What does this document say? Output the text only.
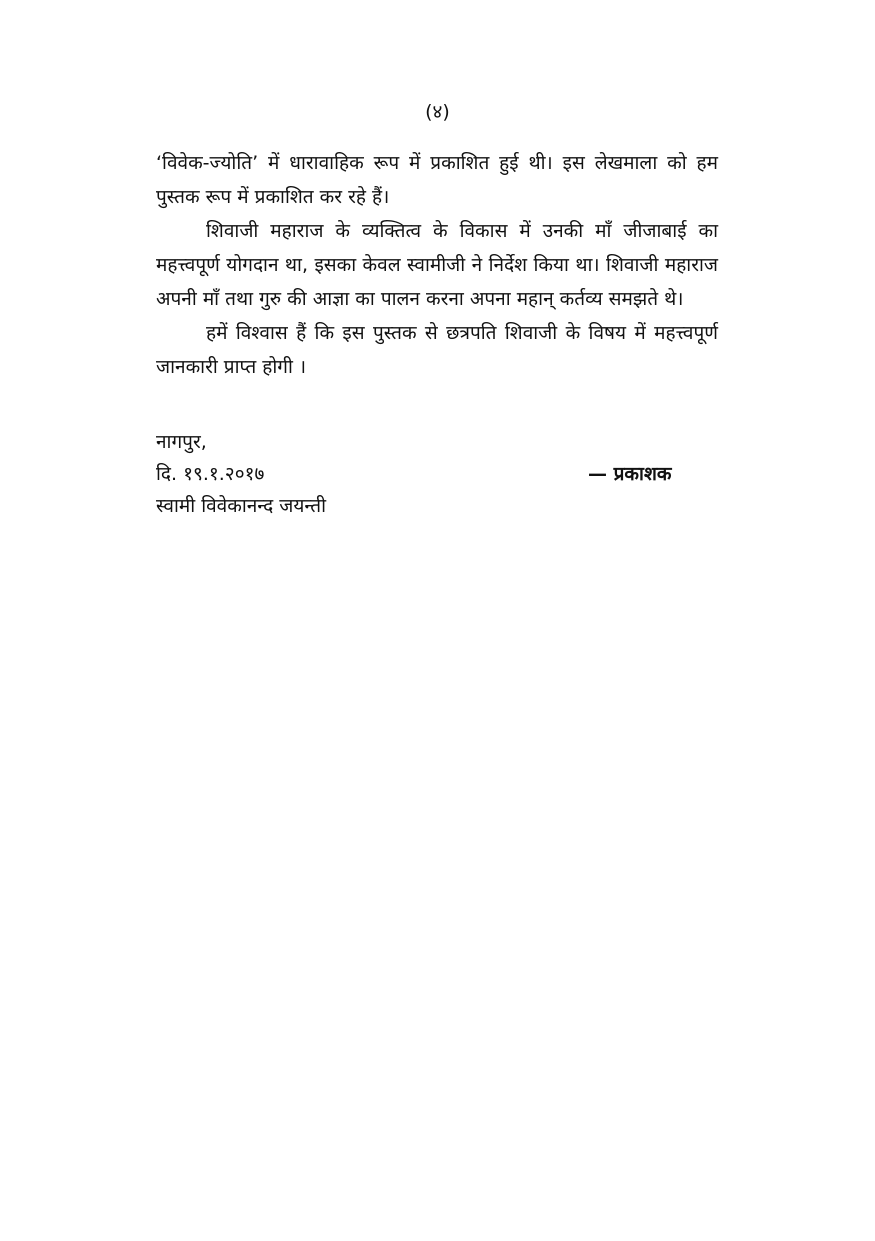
(४)

‘विवेक-ज्योति’ में धारावाहिक रूप में प्रकाशित हुई थी। इस लेखमाला को हम पुस्तक रूप में प्रकाशित कर रहे हैं।

शिवाजी महाराज के व्यक्तित्व के विकास में उनकी माँ जीजाबाई का महत्त्वपूर्ण योगदान था, इसका केवल स्वामीजी ने निर्देश किया था। शिवाजी महाराज अपनी माँ तथा गुरु की आज्ञा का पालन करना अपना महान् कर्तव्य समझते थे।

हमें विश्वास हैं कि इस पुस्तक से छत्रपति शिवाजी के विषय में महत्त्वपूर्ण जानकारी प्राप्त होगी ।

नागपुर,
दि. १९.१.२०१७	— प्रकाशक
स्वामी विवेकानन्द जयन्ती
